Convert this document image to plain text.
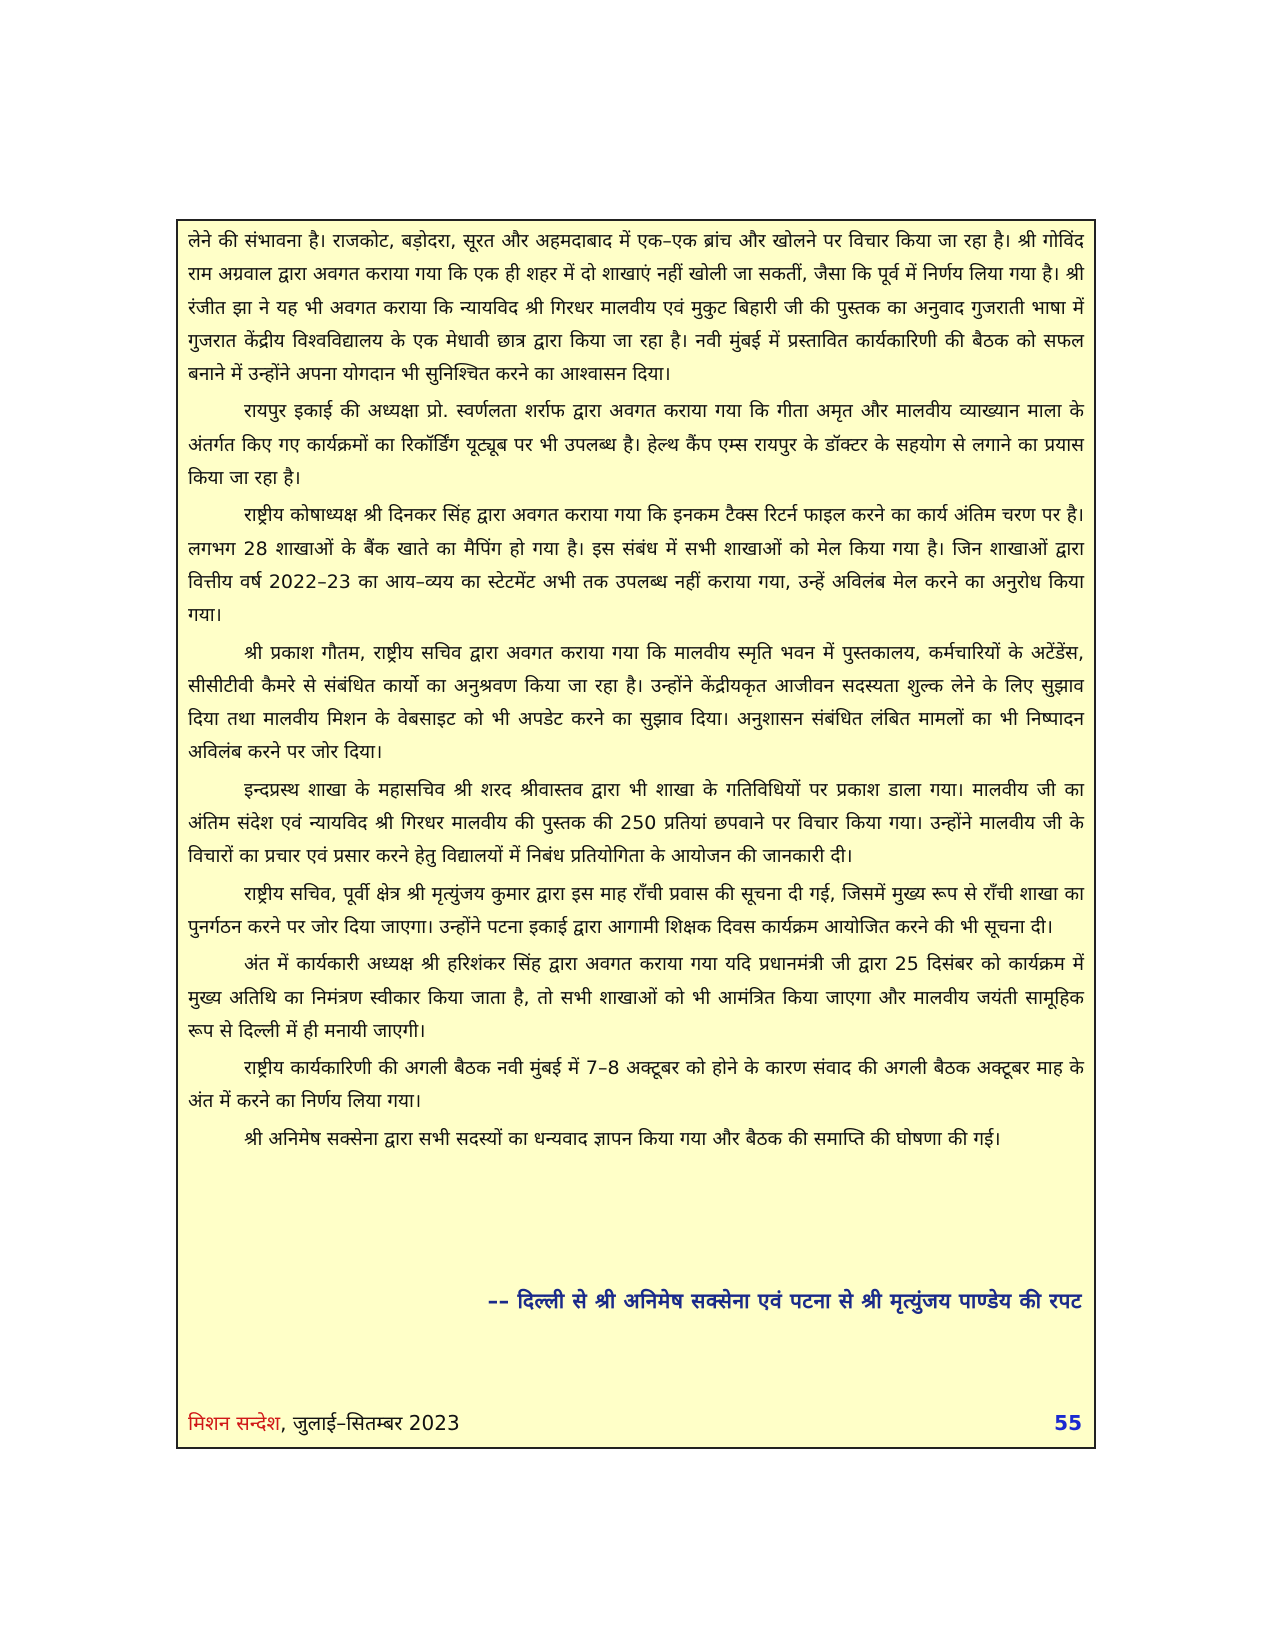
लेने की संभावना है। राजकोट, बड़ोदरा, सूरत और अहमदाबाद में एक–एक ब्रांच और खोलने पर विचार किया जा रहा है। श्री गोविंद राम अग्रवाल द्वारा अवगत कराया गया कि एक ही शहर में दो शाखाएं नहीं खोली जा सकतीं, जैसा कि पूर्व में निर्णय लिया गया है। श्री रंजीत झा ने यह भी अवगत कराया कि न्यायविद श्री गिरधर मालवीय एवं मुकुट बिहारी जी की पुस्तक का अनुवाद गुजराती भाषा में गुजरात केंद्रीय विश्वविद्यालय के एक मेधावी छात्र द्वारा किया जा रहा है। नवी मुंबई में प्रस्तावित कार्यकारिणी की बैठक को सफल बनाने में उन्होंने अपना योगदान भी सुनिश्चित करने का आश्वासन दिया।

रायपुर इकाई की अध्यक्षा प्रो. स्वर्णलता शर्राफ द्वारा अवगत कराया गया कि गीता अमृत और मालवीय व्याख्यान माला के अंतर्गत किए गए कार्यक्रमों का रिकॉर्डिंग यूट्यूब पर भी उपलब्ध है। हेल्थ कैंप एम्स रायपुर के डॉक्टर के सहयोग से लगाने का प्रयास किया जा रहा है।

राष्ट्रीय कोषाध्यक्ष श्री दिनकर सिंह द्वारा अवगत कराया गया कि इनकम टैक्स रिटर्न फाइल करने का कार्य अंतिम चरण पर है। लगभग 28 शाखाओं के बैंक खाते का मैपिंग हो गया है। इस संबंध में सभी शाखाओं को मेल किया गया है। जिन शाखाओं द्वारा वित्तीय वर्ष 2022–23 का आय–व्यय का स्टेटमेंट अभी तक उपलब्ध नहीं कराया गया, उन्हें अविलंब मेल करने का अनुरोध किया गया।

श्री प्रकाश गौतम, राष्ट्रीय सचिव द्वारा अवगत कराया गया कि मालवीय स्मृति भवन में पुस्तकालय, कर्मचारियों के अटेंडेंस, सीसीटीवी कैमरे से संबंधित कार्यो का अनुश्रवण किया जा रहा है। उन्होंने केंद्रीयकृत आजीवन सदस्यता शुल्क लेने के लिए सुझाव दिया तथा मालवीय मिशन के वेबसाइट को भी अपडेट करने का सुझाव दिया। अनुशासन संबंधित लंबित मामलों का भी निष्पादन अविलंब करने पर जोर दिया।

इन्दप्रस्थ शाखा के महासचिव श्री शरद श्रीवास्तव द्वारा भी शाखा के गतिविधियों पर प्रकाश डाला गया। मालवीय जी का अंतिम संदेश एवं न्यायविद श्री गिरधर मालवीय की पुस्तक की 250 प्रतियां छपवाने पर विचार किया गया। उन्होंने मालवीय जी के विचारों का प्रचार एवं प्रसार करने हेतु विद्यालयों में निबंध प्रतियोगिता के आयोजन की जानकारी दी।

राष्ट्रीय सचिव, पूर्वी क्षेत्र श्री मृत्युंजय कुमार द्वारा इस माह राँची प्रवास की सूचना दी गई, जिसमें मुख्य रूप से राँची शाखा का पुनर्गठन करने पर जोर दिया जाएगा। उन्होंने पटना इकाई द्वारा आगामी शिक्षक दिवस कार्यक्रम आयोजित करने की भी सूचना दी।

अंत में कार्यकारी अध्यक्ष श्री हरिशंकर सिंह द्वारा अवगत कराया गया यदि प्रधानमंत्री जी द्वारा 25 दिसंबर को कार्यक्रम में मुख्य अतिथि का निमंत्रण स्वीकार किया जाता है, तो सभी शाखाओं को भी आमंत्रित किया जाएगा और मालवीय जयंती सामूहिक रूप से दिल्ली में ही मनायी जाएगी।

राष्ट्रीय कार्यकारिणी की अगली बैठक नवी मुंबई में 7–8 अक्टूबर को होने के कारण संवाद की अगली बैठक अक्टूबर माह के अंत में करने का निर्णय लिया गया।

श्री अनिमेष सक्सेना द्वारा सभी सदस्यों का धन्यवाद ज्ञापन किया गया और बैठक की समाप्ति की घोषणा की गई।

–– दिल्ली से श्री अनिमेष सक्सेना एवं पटना से श्री मृत्युंजय पाण्डेय की रपट
मिशन सन्देश, जुलाई–सितम्बर 2023	55
